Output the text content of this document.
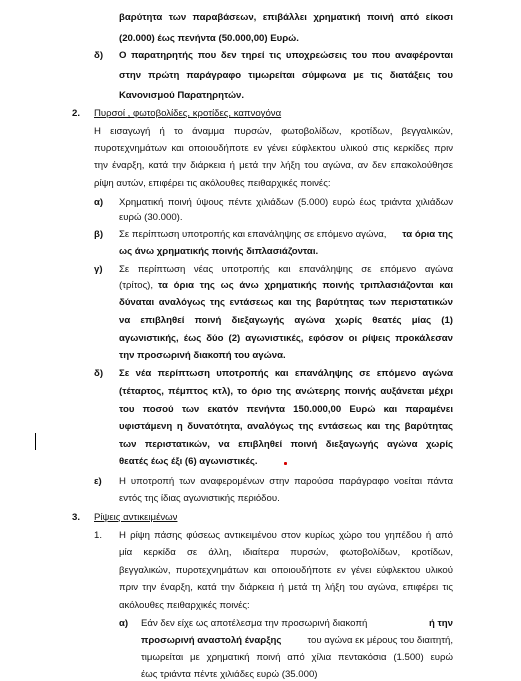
βαρύτητα των παραβάσεων, επιβάλλει χρηματική ποινή από είκοσι
(20.000) έως πενήντα (50.000,00) Ευρώ.
δ) Ο παρατηρητής που δεν τηρεί τις υποχρεώσεις του που αναφέρονται
στην πρώτη παράγραφο τιμωρείται σύμφωνα με τις διατάξεις του
Κανονισμού Παρατηρητών.
2. Πυρσοί , φωτοβολίδες, κροτίδες, καπνογόνα
Η εισαγωγή ή το άναμμα πυρσών, φωτοβολίδων, κροτίδων, βεγγαλικών,
πυροτεχνημάτων και οποιουδήποτε εν γένει εύφλεκτου υλικού στις κερκίδες πριν
την έναρξη, κατά την διάρκεια ή μετά την λήξη του αγώνα, αν δεν επακολούθησε
ρίψη αυτών, επιφέρει τις ακόλουθες πειθαρχικές ποινές:
α) Χρηματική ποινή ύψους πέντε χιλιάδων (5.000) ευρώ έως τριάντα χιλιάδων
ευρώ (30.000).
β) Σε περίπτωση υποτροπής και επανάληψης σε επόμενο αγώνα, τα όρια της
ως άνω χρηματικής ποινής διπλασιάζονται.
γ) Σε περίπτωση νέας υποτροπής και επανάληψης σε επόμενο αγώνα
(τρίτος), τα όρια της ως άνω χρηματικής ποινής τριπλασιάζονται και
δύναται αναλόγως της εντάσεως και της βαρύτητας των περιστατικών
να επιβληθεί ποινή διεξαγωγής αγώνα χωρίς θεατές μίας (1)
αγωνιστικής, έως δύο (2) αγωνιστικές, εφόσον οι ρίψεις προκάλεσαν
την προσωρινή διακοπή του αγώνα.
δ) Σε νέα περίπτωση υποτροπής και επανάληψης σε επόμενο αγώνα
(τέταρτος, πέμπτος κτλ), το όριο της ανώτερης ποινής αυξάνεται μέχρι
του ποσού των εκατόν πενήντα 150.000,00 Ευρώ και παραμένει
υφιστάμενη η δυνατότητα, αναλόγως της εντάσεως και της βαρύτητας
των περιστατικών, να επιβληθεί ποινή διεξαγωγής αγώνα χωρίς
θεατές έως έξι (6) αγωνιστικές.
ε) Η υποτροπή των αναφερομένων στην παρούσα παράγραφο νοείται πάντα
εντός της ίδιας αγωνιστικής περιόδου.
3. Ρίψεις αντικειμένων
1. Η ρίψη πάσης φύσεως αντικειμένου στον κυρίως χώρο του γηπέδου ή από
μία κερκίδα σε άλλη, ιδιαίτερα πυρσών, φωτοβολίδων, κροτίδων,
βεγγαλικών, πυροτεχνημάτων και οποιουδήποτε εν γένει εύφλεκτου υλικού
πριν την έναρξη, κατά την διάρκεια ή μετά τη λήξη του αγώνα, επιφέρει τις
ακόλουθες πειθαρχικές ποινές:
α) Εάν δεν είχε ως αποτέλεσμα την προσωρινή διακοπή	ή την
προσωρινή αναστολή έναρξης	του αγώνα εκ μέρους του διαιτητή,
τιμωρείται με χρηματική ποινή από χίλια πεντακόσια (1.500) ευρώ
έως τριάντα πέντε χιλιάδες ευρώ (35.000)
